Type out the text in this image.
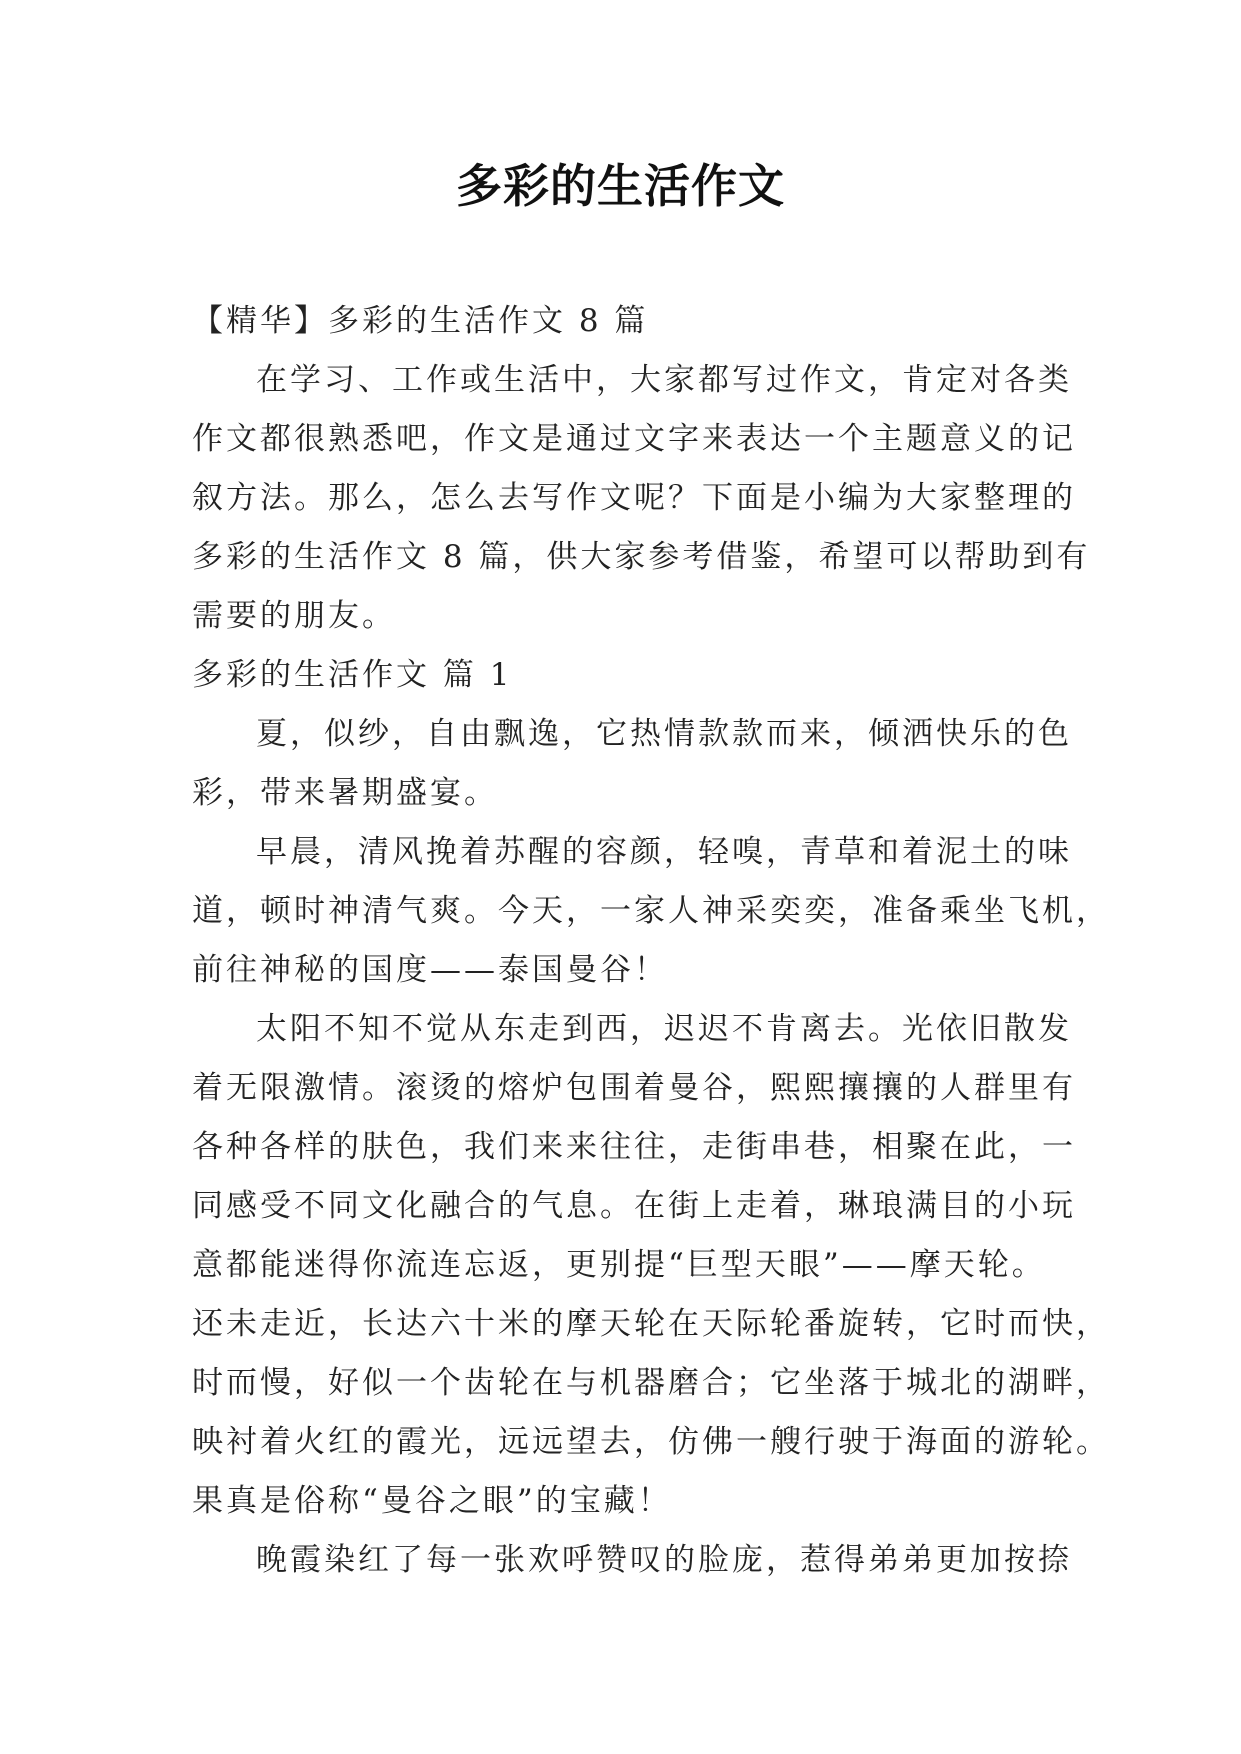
多彩的生活作文
【精华】多彩的生活作文 8 篇
在学习、工作或生活中，大家都写过作文，肯定对各类
作文都很熟悉吧，作文是通过文字来表达一个主题意义的记
叙方法。那么，怎么去写作文呢？下面是小编为大家整理的
多彩的生活作文 8 篇，供大家参考借鉴，希望可以帮助到有
需要的朋友。
多彩的生活作文 篇 1
夏，似纱，自由飘逸，它热情款款而来，倾洒快乐的色
彩，带来暑期盛宴。
早晨，清风挽着苏醒的容颜，轻嗅，青草和着泥土的味
道，顿时神清气爽。今天，一家人神采奕奕，准备乘坐飞机，
前往神秘的国度——泰国曼谷！
太阳不知不觉从东走到西，迟迟不肯离去。光依旧散发
着无限激情。滚烫的熔炉包围着曼谷，熙熙攘攘的人群里有
各种各样的肤色，我们来来往往，走街串巷，相聚在此，一
同感受不同文化融合的气息。在街上走着，琳琅满目的小玩
意都能迷得你流连忘返，更别提“巨型天眼”——摩天轮。
还未走近，长达六十米的摩天轮在天际轮番旋转，它时而快，
时而慢，好似一个齿轮在与机器磨合；它坐落于城北的湖畔，
映衬着火红的霞光，远远望去，仿佛一艘行驶于海面的游轮。
果真是俗称“曼谷之眼”的宝藏！
晚霞染红了每一张欢呼赞叹的脸庞，惹得弟弟更加按捺
